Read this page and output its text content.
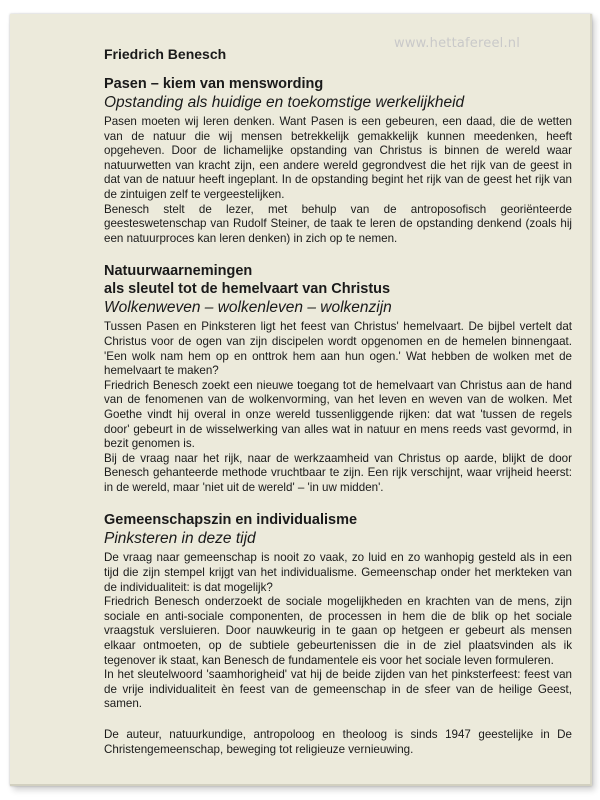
www.hettafereel.nl
Friedrich Benesch
Pasen – kiem van menswording
Opstanding als huidige en toekomstige werkelijkheid

Pasen moeten wij leren denken. Want Pasen is een gebeuren, een daad, die de wetten van de natuur die wij mensen betrekkelijk gemakkelijk kunnen meedenken, heeft opgeheven. Door de lichamelijke opstanding van Christus is binnen de wereld waar natuurwetten van kracht zijn, een andere wereld gegrondvest die het rijk van de geest in dat van de natuur heeft ingeplant. In de opstanding begint het rijk van de geest het rijk van de zintuigen zelf te vergeestelijken.

Benesch stelt de lezer, met behulp van de antroposofisch georiënteerde geesteswetenschap van Rudolf Steiner, de taak te leren de opstanding denkend (zoals hij een natuurproces kan leren denken) in zich op te nemen.

Natuurwaarnemingen
als sleutel tot de hemelvaart van Christus
Wolkenweven – wolkenleven – wolkenzijn

Tussen Pasen en Pinksteren ligt het feest van Christus' hemelvaart. De bijbel vertelt dat Christus voor de ogen van zijn discipelen wordt opgenomen en de hemelen binnengaat. 'Een wolk nam hem op en onttrok hem aan hun ogen.' Wat hebben de wolken met de hemelvaart te maken?

Friedrich Benesch zoekt een nieuwe toegang tot de hemelvaart van Christus aan de hand van de fenomenen van de wolkenvorming, van het leven en weven van de wolken. Met Goethe vindt hij overal in onze wereld tussenliggende rijken: dat wat 'tussen de regels door' gebeurt in de wisselwerking van alles wat in natuur en mens reeds vast gevormd, in bezit genomen is.

Bij de vraag naar het rijk, naar de werkzaamheid van Christus op aarde, blijkt de door Benesch gehanteerde methode vruchtbaar te zijn. Een rijk verschijnt, waar vrijheid heerst: in de wereld, maar 'niet uit de wereld' – 'in uw midden'.

Gemeenschapszin en individualisme
Pinksteren in deze tijd

De vraag naar gemeenschap is nooit zo vaak, zo luid en zo wanhopig gesteld als in een tijd die zijn stempel krijgt van het individualisme. Gemeenschap onder het merkteken van de individualiteit: is dat mogelijk?

Friedrich Benesch onderzoekt de sociale mogelijkheden en krachten van de mens, zijn sociale en anti-sociale componenten, de processen in hem die de blik op het sociale vraagstuk versluieren. Door nauwkeurig in te gaan op hetgeen er gebeurt als mensen elkaar ontmoeten, op de subtiele gebeurtenissen die in de ziel plaatsvinden als ik tegenover ik staat, kan Benesch de fundamentele eis voor het sociale leven formuleren.

In het sleutelwoord 'saamhorigheid' vat hij de beide zijden van het pinksterfeest: feest van de vrije individualiteit èn feest van de gemeenschap in de sfeer van de heilige Geest, samen.

De auteur, natuurkundige, antropoloog en theoloog is sinds 1947 geestelijke in De Christengemeenschap, beweging tot religieuze vernieuwing.
